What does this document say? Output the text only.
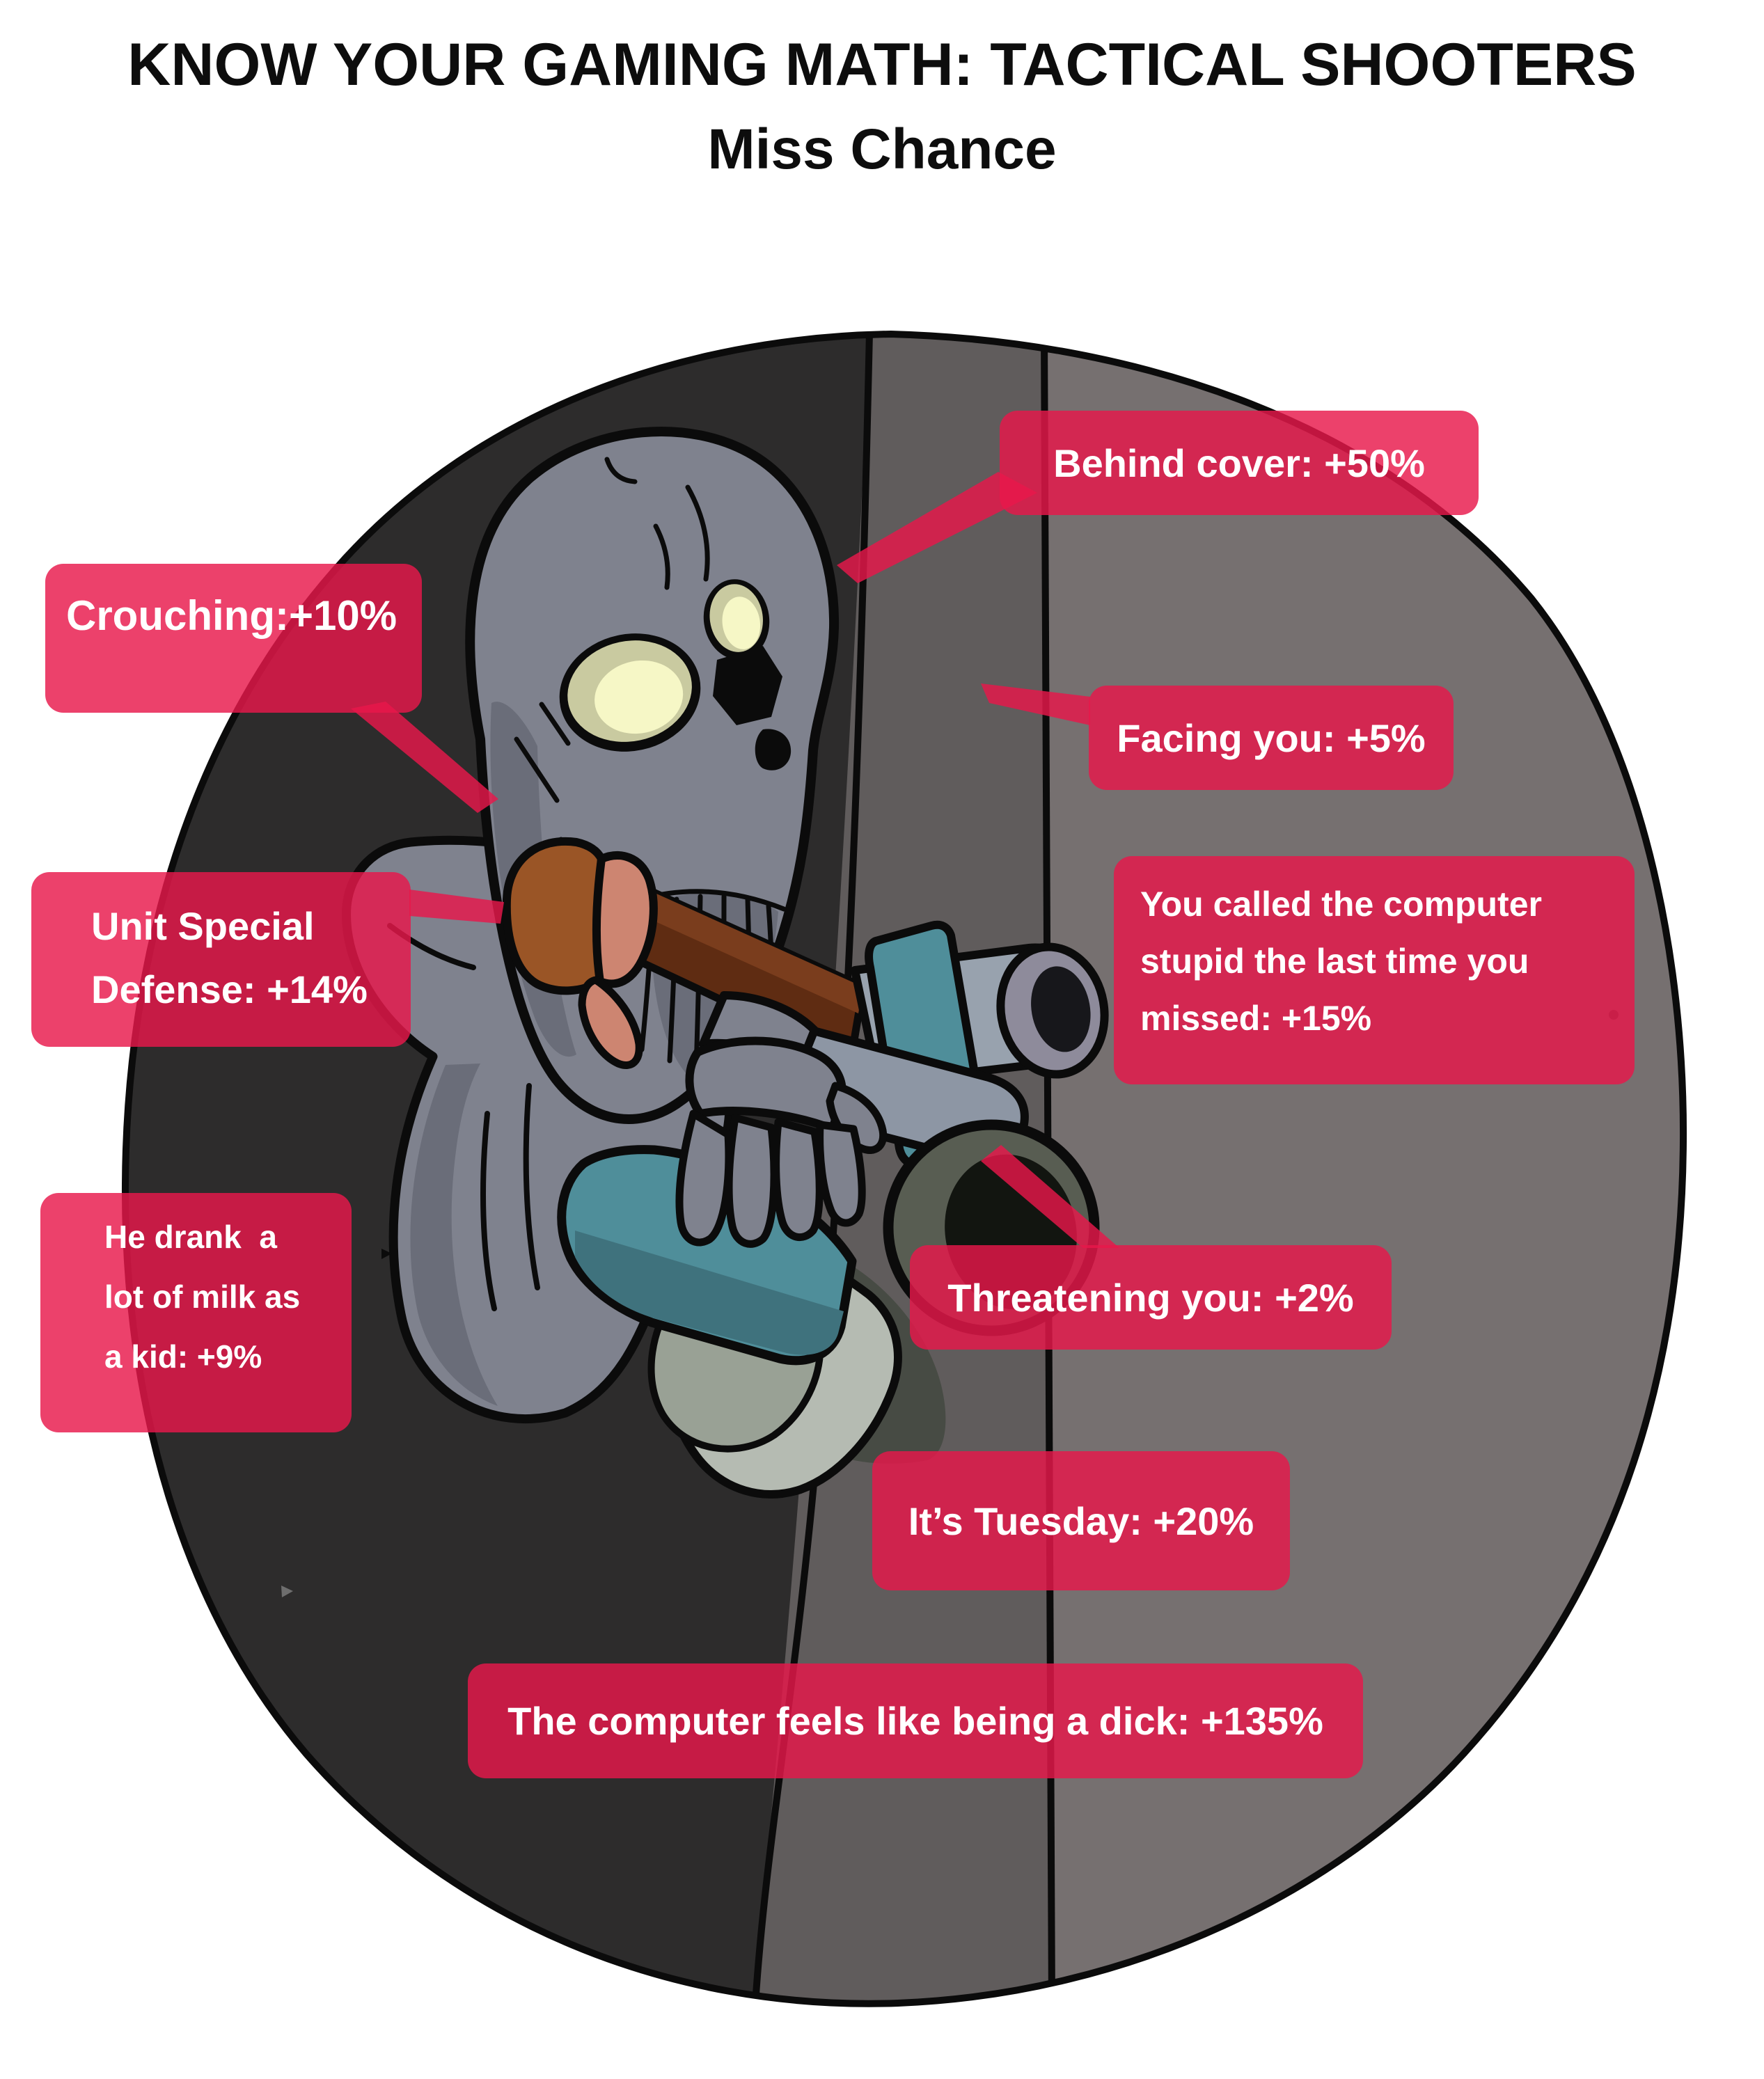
KNOW YOUR GAMING MATH: TACTICAL SHOOTERS
Miss Chance
Behind cover: +50%
Crouching:+10%
Facing you: +5%
Unit Special
Defense: +14%
You called the computer
stupid the last time you
missed: +15%
He drank  a
lot of milk as
a kid: +9%
Threatening you: +2%
It’s Tuesday: +20%
The computer feels like being a dick: +135%
